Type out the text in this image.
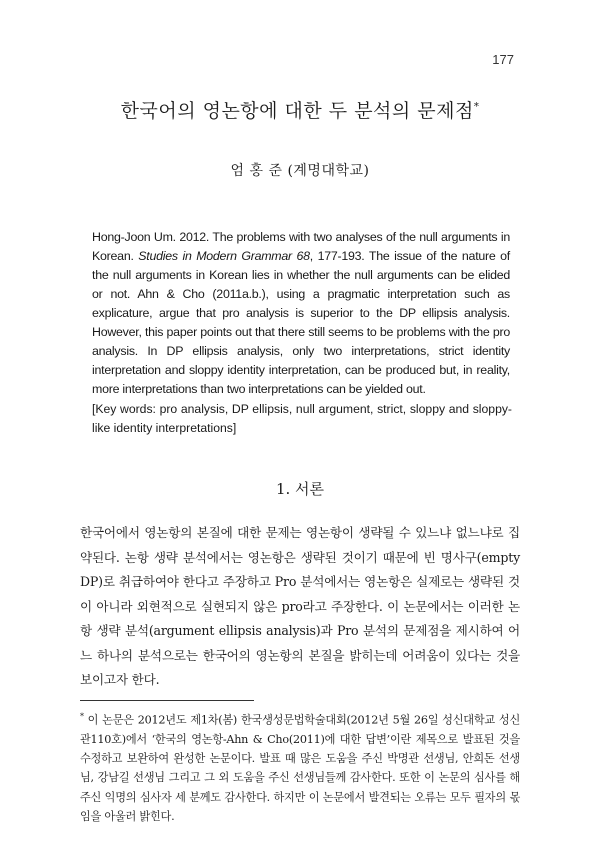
177
한국어의 영논항에 대한 두 분석의 문제점*
엄 홍 준 (계명대학교)

Hong-Joon Um. 2012. The problems with two analyses of the null arguments in Korean. Studies in Modern Grammar 68, 177-193. The issue of the nature of the null arguments in Korean lies in whether the null arguments can be elided or not. Ahn & Cho (2011a.b.), using a pragmatic interpretation such as explicature, argue that pro analysis is superior to the DP ellipsis analysis. However, this paper points out that there still seems to be problems with the pro analysis. In DP ellipsis analysis, only two interpretations, strict identity interpretation and sloppy identity interpretation, can be produced but, in reality, more interpretations than two interpretations can be yielded out.

[Key words: pro analysis, DP ellipsis, null argument, strict, sloppy and sloppy-like identity interpretations]

1. 서론

한국어에서 영논항의 본질에 대한 문제는 영논항이 생략될 수 있느냐 없느냐로 집약된다. 논항 생략 분석에서는 영논항은 생략된 것이기 때문에 빈 명사구(empty DP)로 취급하여야 한다고 주장하고 Pro 분석에서는 영논항은 실제로는 생략된 것이 아니라 외현적으로 실현되지 않은 pro라고 주장한다. 이 논문에서는 이러한 논항 생략 분석(argument ellipsis analysis)과 Pro 분석의 문제점을 제시하여 어느 하나의 분석으로는 한국어의 영논항의 본질을 밝히는데 어려움이 있다는 것을 보이고자 한다.

* 이 논문은 2012년도 제1차(봄) 한국생성문법학술대회(2012년 5월 26일 성신대학교 성신관110호)에서 ‘한국의 영논항-Ahn & Cho(2011)에 대한 답변’이란 제목으로 발표된 것을 수정하고 보완하여 완성한 논문이다. 발표 때 많은 도움을 주신 박명관 선생님, 안희돈 선생님, 강남길 선생님 그리고 그 외 도움을 주신 선생님들께 감사한다. 또한 이 논문의 심사를 해 주신 익명의 심사자 세 분께도 감사한다. 하지만 이 논문에서 발견되는 오류는 모두 필자의 몫임을 아울러 밝힌다.
